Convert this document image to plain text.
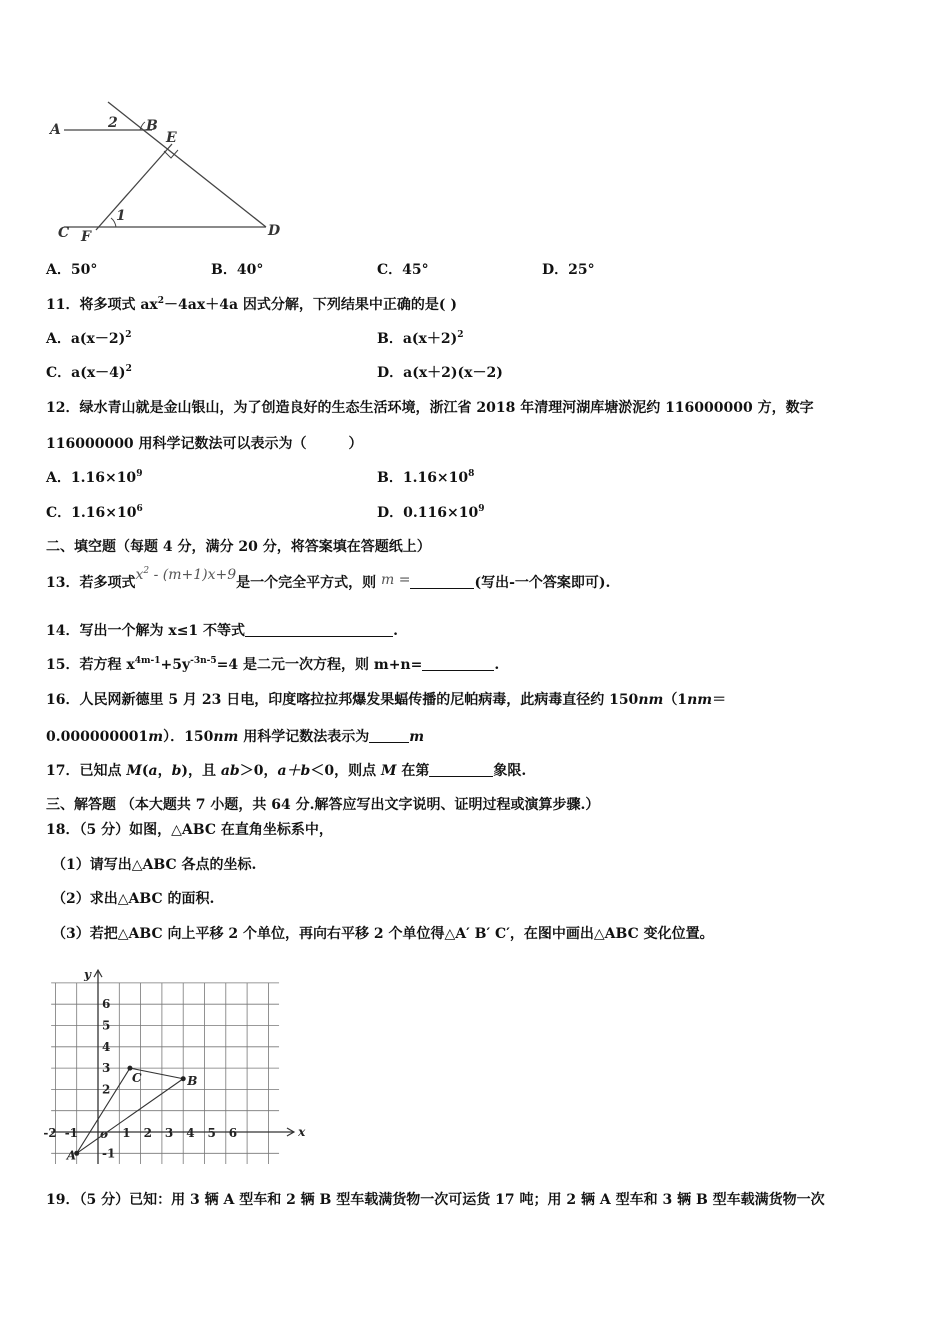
A	2 B
E
C F
1
D
A．50°	B．40°	C．45°	D．25°
11．将多项式 $ax^2-4ax+4a$ 因式分解，下列结果中正确的是( )
A．$a(x-2)^2$	B．$a(x+2)^2$
C．$a(x-4)^2$	D．a(x＋2)(x－2)
12．绿水青山就是金山银山，为了创造良好的生态生活环境，浙江省 2018 年清理河湖库塘淤泥约 116000000 方，数字
116000000 用科学记数法可以表示为（　　　）
A．$1.16\times 10^9$	B．$1.16\times 10^8$
C．$1.16\times 10^6$	D．$0.116\times 10^9$
二、填空题（每题 4 分，满分 20 分，将答案填在答题纸上）
13．若多项式$x^2 - (m+1)x+9$是一个完全平方式，则 m =	(写出-一个答案即可).
14．写出一个解为 x≤1 不等式	.
15．若方程 $x^{4m-1}+5y^{-3n-5}=4$ 是二元一次方程，则 m+n=	.
16．人民网新德里 5 月 23 日电，印度喀拉拉邦爆发果蝠传播的尼帕病毒，此病毒直径约 150nm（1nm＝
0.000000001m）．150nm 用科学记数法表示为	m
17．已知点 M(a，b)，且 ab＞0，a＋b＜0，则点 M 在第	象限.
三、解答题 （本大题共 7 小题，共 64 分.解答应写出文字说明、证明过程或演算步骤.）
18．（5 分）如图，△ABC 在直角坐标系中，
（1）请写出△ABC 各点的坐标.
（2）求出△ABC 的面积.
（3）若把△ABC 向上平移 2 个单位，再向右平移 2 个单位得△A′ B′ C′，在图中画出△ABC 变化位置。
y
x
o
6
5
4
3
2
-1
-2 -1	1 2 3 4 5 6
A
B
C
19．（5 分）已知：用 3 辆 A 型车和 2 辆 B 型车载满货物一次可运货 17 吨；用 2 辆 A 型车和 3 辆 B 型车载满货物一次
